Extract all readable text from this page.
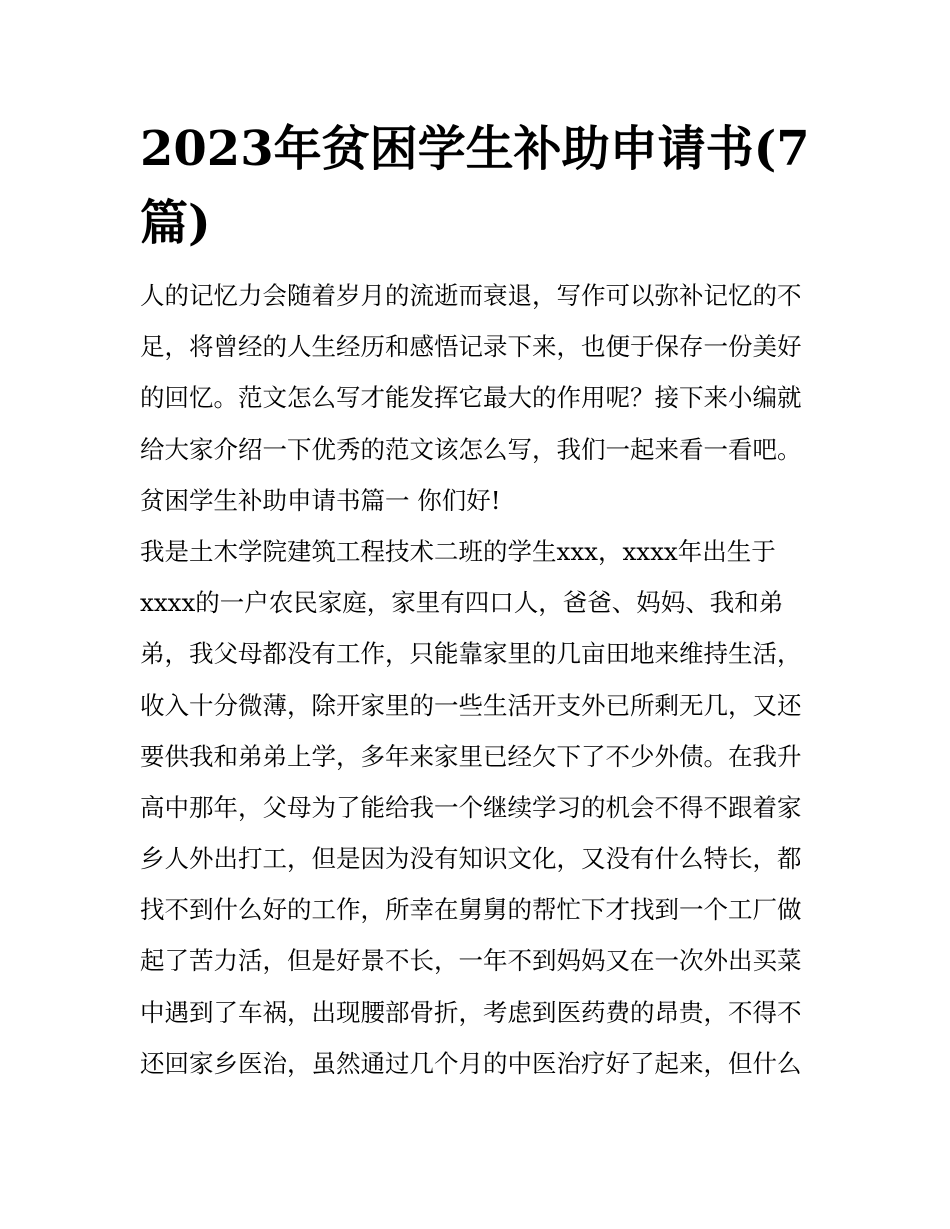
2023年贫困学生补助申请书(7篇)

人的记忆力会随着岁月的流逝而衰退，写作可以弥补记忆的不

足，将曾经的人生经历和感悟记录下来，也便于保存一份美好

的回忆。范文怎么写才能发挥它最大的作用呢？接下来小编就

给大家介绍一下优秀的范文该怎么写，我们一起来看一看吧。

贫困学生补助申请书篇一 你们好!

我是土木学院建筑工程技术二班的学生xxx，xxxx年出生于

xxxx的一户农民家庭，家里有四口人，爸爸、妈妈、我和弟

弟，我父母都没有工作，只能靠家里的几亩田地来维持生活，

收入十分微薄，除开家里的一些生活开支外已所剩无几，又还

要供我和弟弟上学，多年来家里已经欠下了不少外债。在我升

高中那年，父母为了能给我一个继续学习的机会不得不跟着家

乡人外出打工，但是因为没有知识文化，又没有什么特长，都

找不到什么好的工作，所幸在舅舅的帮忙下才找到一个工厂做

起了苦力活，但是好景不长，一年不到妈妈又在一次外出买菜

中遇到了车祸，出现腰部骨折，考虑到医药费的昂贵，不得不

还回家乡医治，虽然通过几个月的中医治疗好了起来，但什么
